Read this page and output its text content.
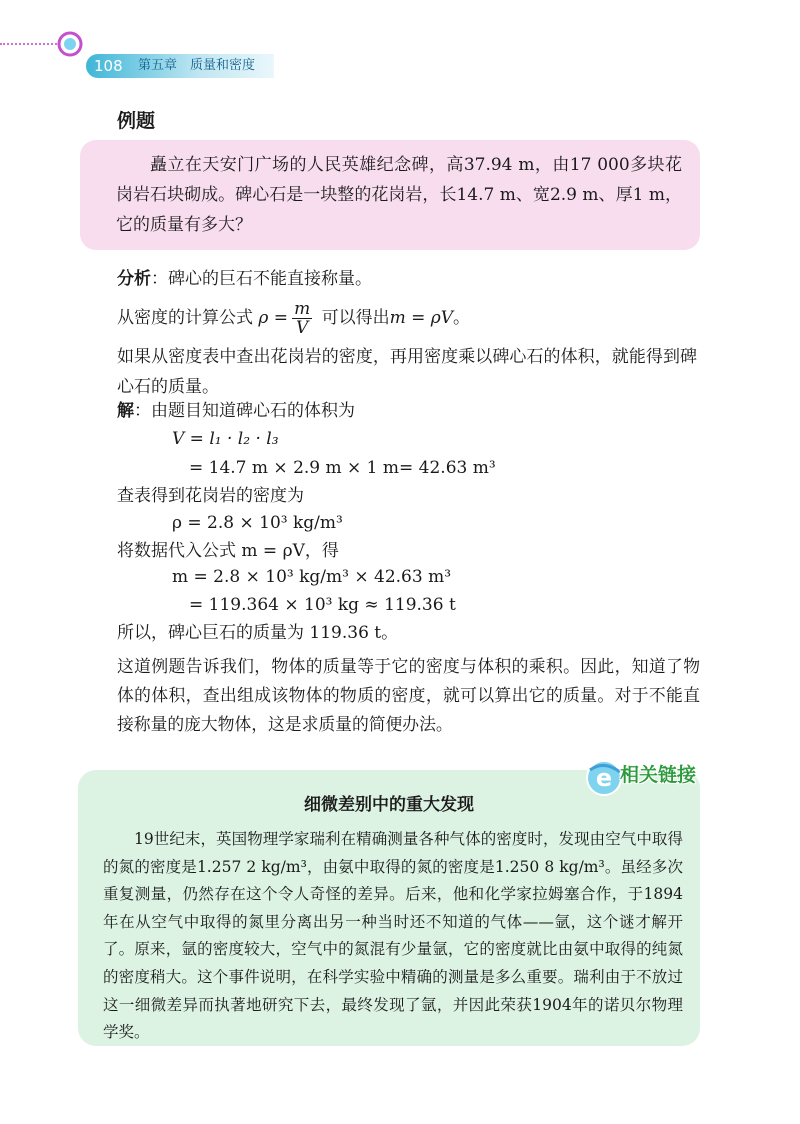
108 第五章　质量和密度
例题
矗立在天安门广场的人民英雄纪念碑，高37.94 m，由17 000多块花岗岩石块砌成。碑心石是一块整的花岗岩，长14.7 m、宽2.9 m、厚1 m，它的质量有多大？
分析：碑心的巨石不能直接称量。
从密度的计算公式 $\rho = \frac{m}{V}$ 可以得出m = ρV。
如果从密度表中查出花岗岩的密度，再用密度乘以碑心石的体积，就能得到碑心石的质量。
解：由题目知道碑心石的体积为
V = l₁ · l₂ · l₃
= 14.7 m × 2.9 m × 1 m= 42.63 m³
查表得到花岗岩的密度为
ρ = 2.8 × 10³ kg/m³
将数据代入公式 m = ρV，得
m = 2.8 × 10³ kg/m³ × 42.63 m³
= 119.364 × 10³ kg ≈ 119.36 t
所以，碑心巨石的质量为 119.36 t。
这道例题告诉我们，物体的质量等于它的密度与体积的乘积。因此，知道了物体的体积，查出组成该物体的物质的密度，就可以算出它的质量。对于不能直接称量的庞大物体，这是求质量的简便办法。
e 相关链接
细微差别中的重大发现
19世纪末，英国物理学家瑞利在精确测量各种气体的密度时，发现由空气中取得的氮的密度是1.257 2 kg/m³，由氨中取得的氮的密度是1.250 8 kg/m³。虽经多次重复测量，仍然存在这个令人奇怪的差异。后来，他和化学家拉姆塞合作，于1894年在从空气中取得的氮里分离出另一种当时还不知道的气体——氩，这个谜才解开了。原来，氩的密度较大，空气中的氮混有少量氩，它的密度就比由氨中取得的纯氮的密度稍大。这个事件说明，在科学实验中精确的测量是多么重要。瑞利由于不放过这一细微差异而执著地研究下去，最终发现了氩，并因此荣获1904年的诺贝尔物理学奖。
